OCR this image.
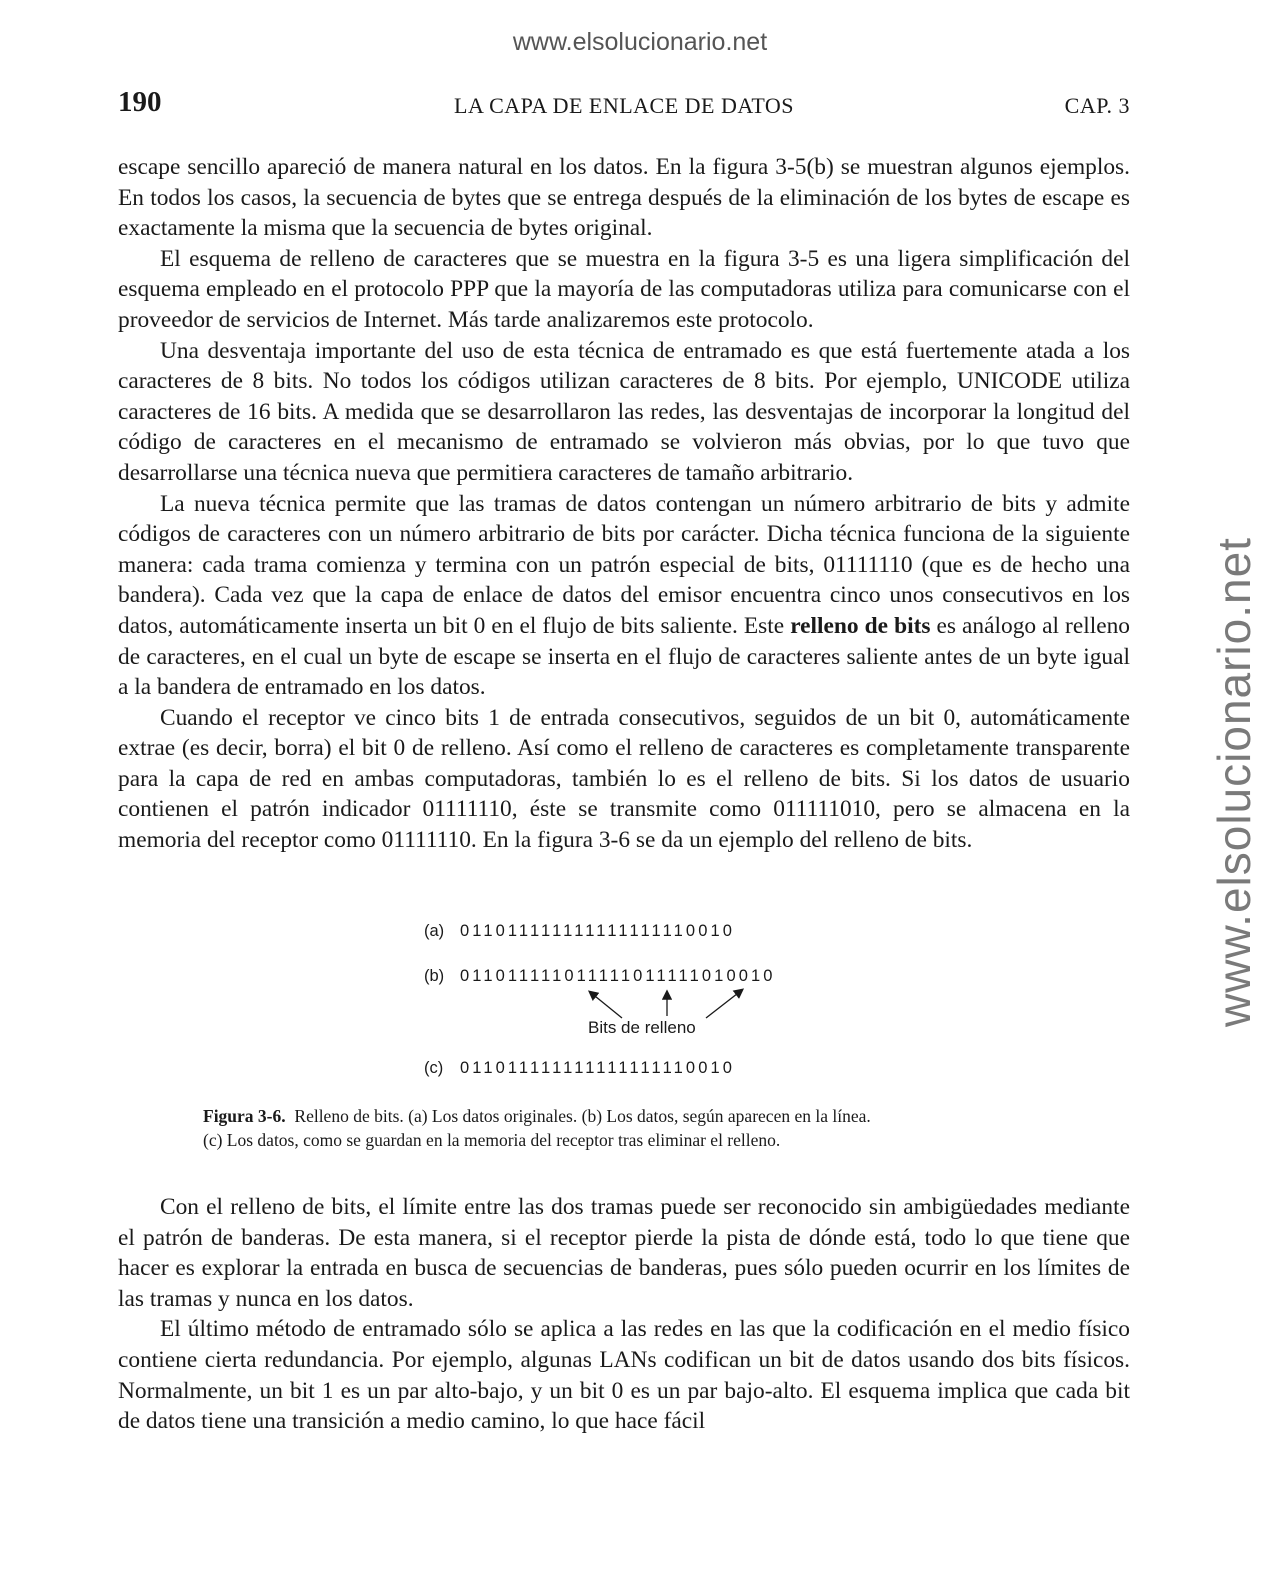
www.elsolucionario.net
www.elsolucionario.net
190	LA CAPA DE ENLACE DE DATOS	CAP. 3

escape sencillo apareció de manera natural en los datos. En la figura 3-5(b) se muestran algunos ejemplos. En todos los casos, la secuencia de bytes que se entrega después de la eliminación de los bytes de escape es exactamente la misma que la secuencia de bytes original.

El esquema de relleno de caracteres que se muestra en la figura 3-5 es una ligera simplificación del esquema empleado en el protocolo PPP que la mayoría de las computadoras utiliza para comunicarse con el proveedor de servicios de Internet. Más tarde analizaremos este protocolo.

Una desventaja importante del uso de esta técnica de entramado es que está fuertemente atada a los caracteres de 8 bits. No todos los códigos utilizan caracteres de 8 bits. Por ejemplo, UNICODE utiliza caracteres de 16 bits. A medida que se desarrollaron las redes, las desventajas de incorporar la longitud del código de caracteres en el mecanismo de entramado se volvieron más obvias, por lo que tuvo que desarrollarse una técnica nueva que permitiera caracteres de tamaño arbitrario.

La nueva técnica permite que las tramas de datos contengan un número arbitrario de bits y admite códigos de caracteres con un número arbitrario de bits por carácter. Dicha técnica funciona de la siguiente manera: cada trama comienza y termina con un patrón especial de bits, 01111110 (que es de hecho una bandera). Cada vez que la capa de enlace de datos del emisor encuentra cinco unos consecutivos en los datos, automáticamente inserta un bit 0 en el flujo de bits saliente. Este relleno de bits es análogo al relleno de caracteres, en el cual un byte de escape se inserta en el flujo de caracteres saliente antes de un byte igual a la bandera de entramado en los datos.

Cuando el receptor ve cinco bits 1 de entrada consecutivos, seguidos de un bit 0, automáticamente extrae (es decir, borra) el bit 0 de relleno. Así como el relleno de caracteres es completamente transparente para la capa de red en ambas computadoras, también lo es el relleno de bits. Si los datos de usuario contienen el patrón indicador 01111110, éste se transmite como 011111010, pero se almacena en la memoria del receptor como 01111110. En la figura 3-6 se da un ejemplo del relleno de bits.

(a) 011011111111111111110010
(b) 011011111011111011111010010
Bits de relleno
(c) 011011111111111111110010
Figura 3-6. Relleno de bits. (a) Los datos originales. (b) Los datos, según aparecen en la línea.
(c) Los datos, como se guardan en la memoria del receptor tras eliminar el relleno.

Con el relleno de bits, el límite entre las dos tramas puede ser reconocido sin ambigüedades mediante el patrón de banderas. De esta manera, si el receptor pierde la pista de dónde está, todo lo que tiene que hacer es explorar la entrada en busca de secuencias de banderas, pues sólo pueden ocurrir en los límites de las tramas y nunca en los datos.

El último método de entramado sólo se aplica a las redes en las que la codificación en el medio físico contiene cierta redundancia. Por ejemplo, algunas LANs codifican un bit de datos usando dos bits físicos. Normalmente, un bit 1 es un par alto-bajo, y un bit 0 es un par bajo-alto. El esquema implica que cada bit de datos tiene una transición a medio camino, lo que hace fácil
